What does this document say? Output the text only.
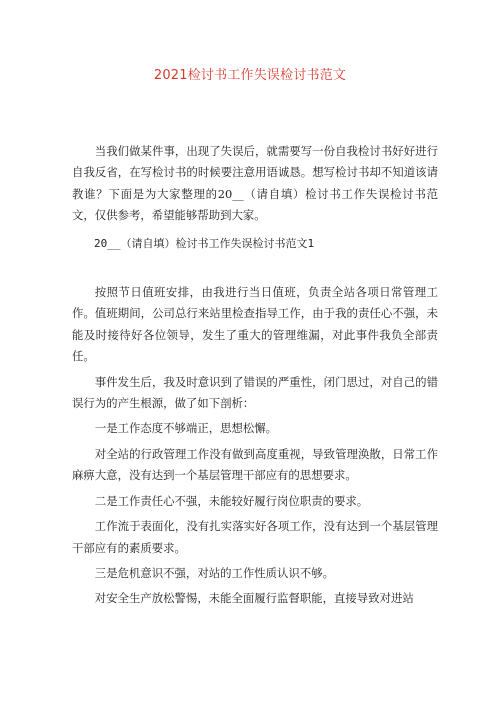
2021检讨书工作失误检讨书范文

当我们做某件事，出现了失误后，就需要写一份自我检讨书好好进行自我反省，在写检讨书的时候要注意用语诚恳。想写检讨书却不知道该请教谁？下面是为大家整理的20__（请自填）检讨书工作失误检讨书范文，仅供参考，希望能够帮助到大家。

20__（请自填）检讨书工作失误检讨书范文1

按照节日值班安排，由我进行当日值班，负责全站各项日常管理工作。值班期间，公司总行来站里检查指导工作，由于我的责任心不强，未能及时接待好各位领导，发生了重大的管理维漏，对此事件我负全部责任。

事件发生后，我及时意识到了错误的严重性，闭门思过，对自己的错误行为的产生根源，做了如下剖析：

一是工作态度不够端正，思想松懈。

对全站的行政管理工作没有做到高度重视，导致管理涣散，日常工作麻痹大意，没有达到一个基层管理干部应有的思想要求。

二是工作责任心不强，未能较好履行岗位职责的要求。

工作流于表面化，没有扎实落实好各项工作，没有达到一个基层管理干部应有的素质要求。

三是危机意识不强，对站的工作性质认识不够。

对安全生产放松警惕，未能全面履行监督职能，直接导致对进站
